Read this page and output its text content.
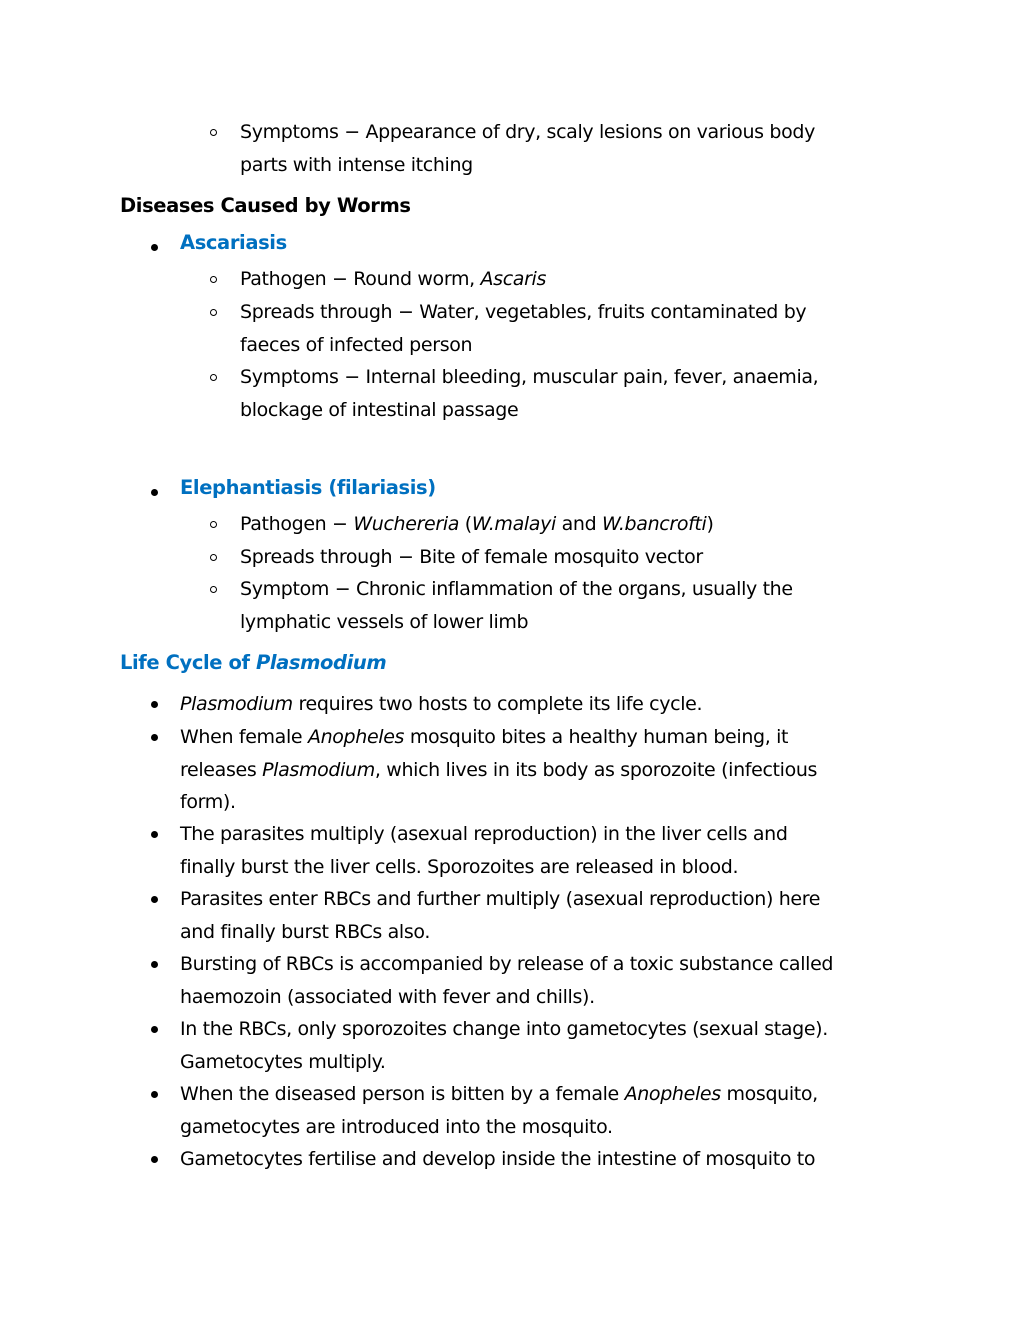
Symptoms − Appearance of dry, scaly lesions on various body
parts with intense itching
Diseases Caused by Worms
Ascariasis
Pathogen − Round worm, Ascaris
Spreads through − Water, vegetables, fruits contaminated by
faeces of infected person
Symptoms − Internal bleeding, muscular pain, fever, anaemia,
blockage of intestinal passage
Elephantiasis (filariasis)
Pathogen − Wuchereria (W.malayi and W.bancrofti)
Spreads through − Bite of female mosquito vector
Symptom − Chronic inflammation of the organs, usually the
lymphatic vessels of lower limb
Life Cycle of Plasmodium
Plasmodium requires two hosts to complete its life cycle.
When female Anopheles mosquito bites a healthy human being, it
releases Plasmodium, which lives in its body as sporozoite (infectious
form).
The parasites multiply (asexual reproduction) in the liver cells and
finally burst the liver cells. Sporozoites are released in blood.
Parasites enter RBCs and further multiply (asexual reproduction) here
and finally burst RBCs also.
Bursting of RBCs is accompanied by release of a toxic substance called
haemozoin (associated with fever and chills).
In the RBCs, only sporozoites change into gametocytes (sexual stage).
Gametocytes multiply.
When the diseased person is bitten by a female Anopheles mosquito,
gametocytes are introduced into the mosquito.
Gametocytes fertilise and develop inside the intestine of mosquito to
